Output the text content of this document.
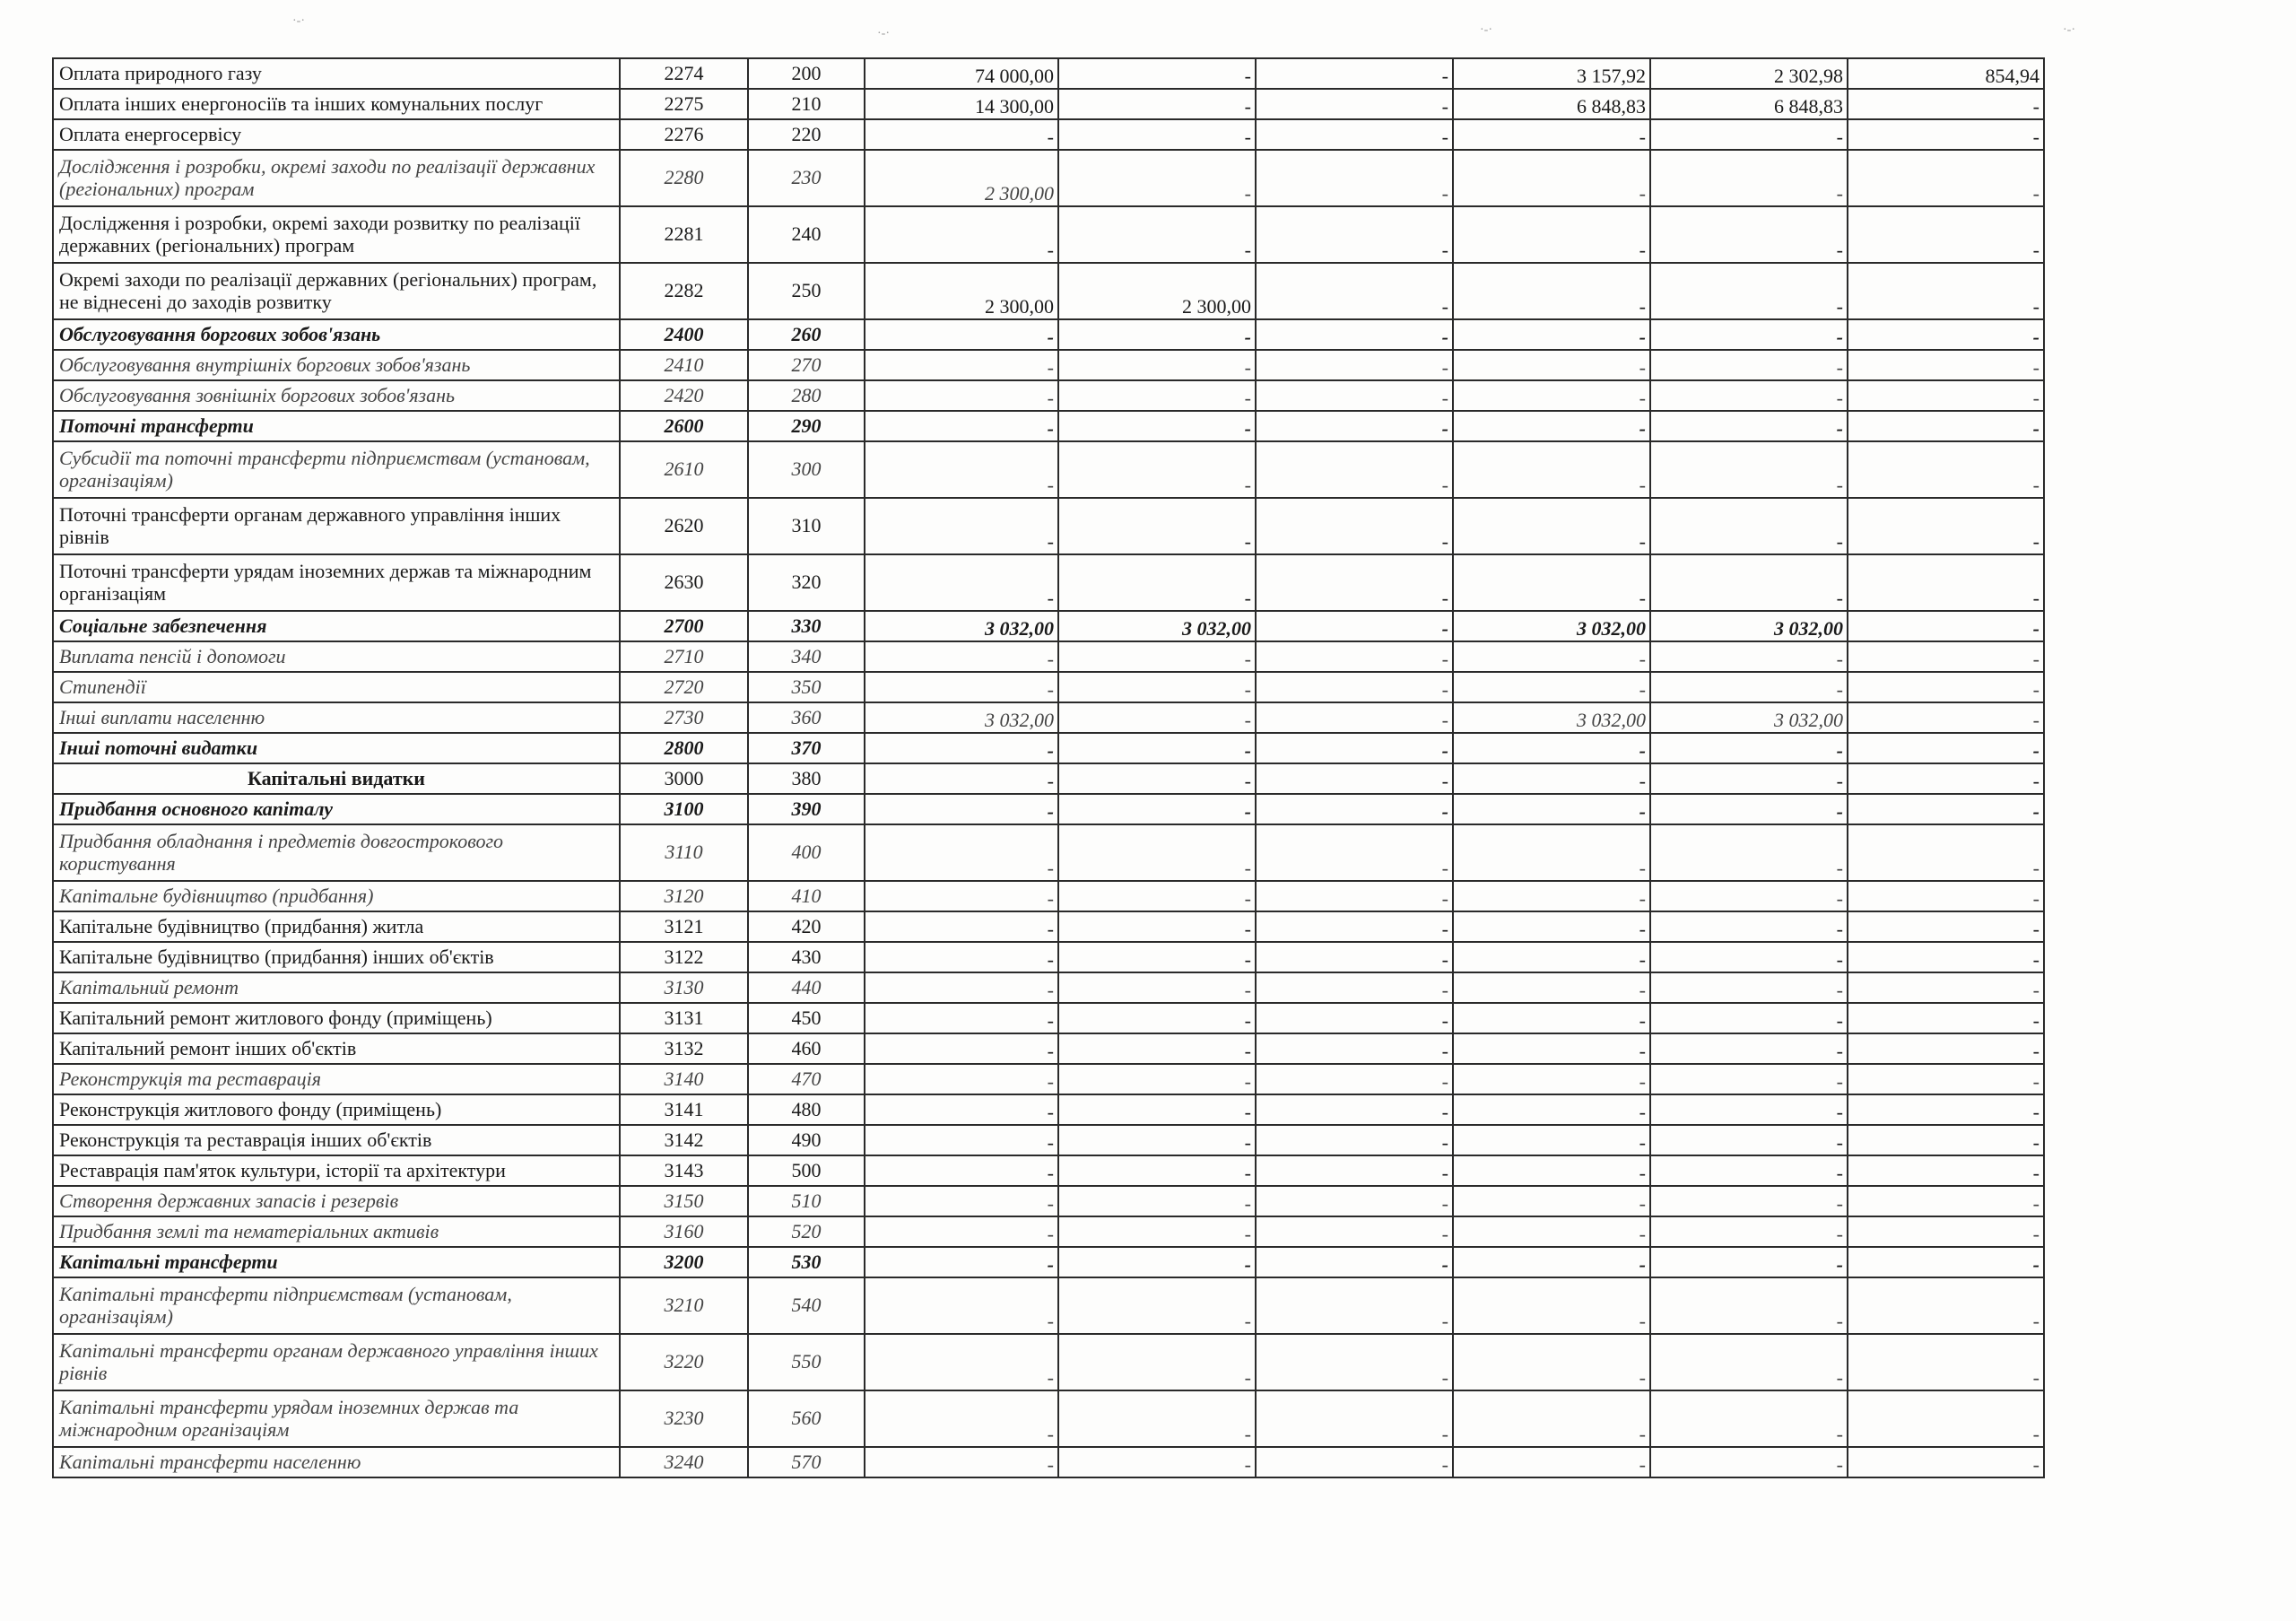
·-·
·-·	·-·	·-·
Оплата природного газу	2274	200	74 000,00	-	-	3 157,92	2 302,98	854,94
Оплата інших енергоносіїв та інших комунальних послуг	2275	210	14 300,00	-	-	6 848,83	6 848,83	-
Оплата енергосервісу	2276	220	-	-	-	-	-	-
Дослідження і розробки, окремі заходи по реалізації державних (регіональних) програм	2280	230	2 300,00	-	-	-	-	-
Дослідження і розробки, окремі заходи розвитку по реалізації державних (регіональних) програм	2281	240	-	-	-	-	-	-
Окремі заходи по реалізації державних (регіональних) програм, не віднесені до заходів розвитку	2282	250	2 300,00	2 300,00	-	-	-	-
Обслуговування боргових зобов'язань	2400	260	-	-	-	-	-	-
Обслуговування внутрішніх боргових зобов'язань	2410	270	-	-	-	-	-	-
Обслуговування зовнішніх боргових зобов'язань	2420	280	-	-	-	-	-	-
Поточні трансферти	2600	290	-	-	-	-	-	-
Субсидії та поточні трансферти підприємствам (установам, організаціям)	2610	300	-	-	-	-	-	-
Поточні трансферти органам державного управління інших рівнів	2620	310	-	-	-	-	-	-
Поточні трансферти урядам іноземних держав та міжнародним організаціям	2630	320	-	-	-	-	-	-
Соціальне забезпечення	2700	330	3 032,00	3 032,00	-	3 032,00	3 032,00	-
Виплата пенсій і допомоги	2710	340	-	-	-	-	-	-
Стипендії	2720	350	-	-	-	-	-	-
Інші виплати населенню	2730	360	3 032,00	-	-	3 032,00	3 032,00	-
Інші поточні видатки	2800	370	-	-	-	-	-	-
Капітальні видатки	3000	380	-	-	-	-	-	-
Придбання основного капіталу	3100	390	-	-	-	-	-	-
Придбання обладнання і предметів довгострокового користування	3110	400	-	-	-	-	-	-
Капітальне будівництво (придбання)	3120	410	-	-	-	-	-	-
Капітальне будівництво (придбання) житла	3121	420	-	-	-	-	-	-
Капітальне будівництво (придбання) інших об'єктів	3122	430	-	-	-	-	-	-
Капітальний ремонт	3130	440	-	-	-	-	-	-
Капітальний ремонт житлового фонду (приміщень)	3131	450	-	-	-	-	-	-
Капітальний ремонт інших об'єктів	3132	460	-	-	-	-	-	-
Реконструкція та реставрація	3140	470	-	-	-	-	-	-
Реконструкція житлового фонду (приміщень)	3141	480	-	-	-	-	-	-
Реконструкція та реставрація інших об'єктів	3142	490	-	-	-	-	-	-
Реставрація пам'яток культури, історії та архітектури	3143	500	-	-	-	-	-	-
Створення державних запасів і резервів	3150	510	-	-	-	-	-	-
Придбання землі та нематеріальних активів	3160	520	-	-	-	-	-	-
Капітальні трансферти	3200	530	-	-	-	-	-	-
Капітальні трансферти підприємствам (установам, організаціям)	3210	540	-	-	-	-	-	-
Капітальні трансферти органам державного управління інших рівнів	3220	550	-	-	-	-	-	-
Капітальні трансферти урядам іноземних держав та міжнародним організаціям	3230	560	-	-	-	-	-	-
Капітальні трансферти населенню	3240	570	-	-	-	-	-	-
